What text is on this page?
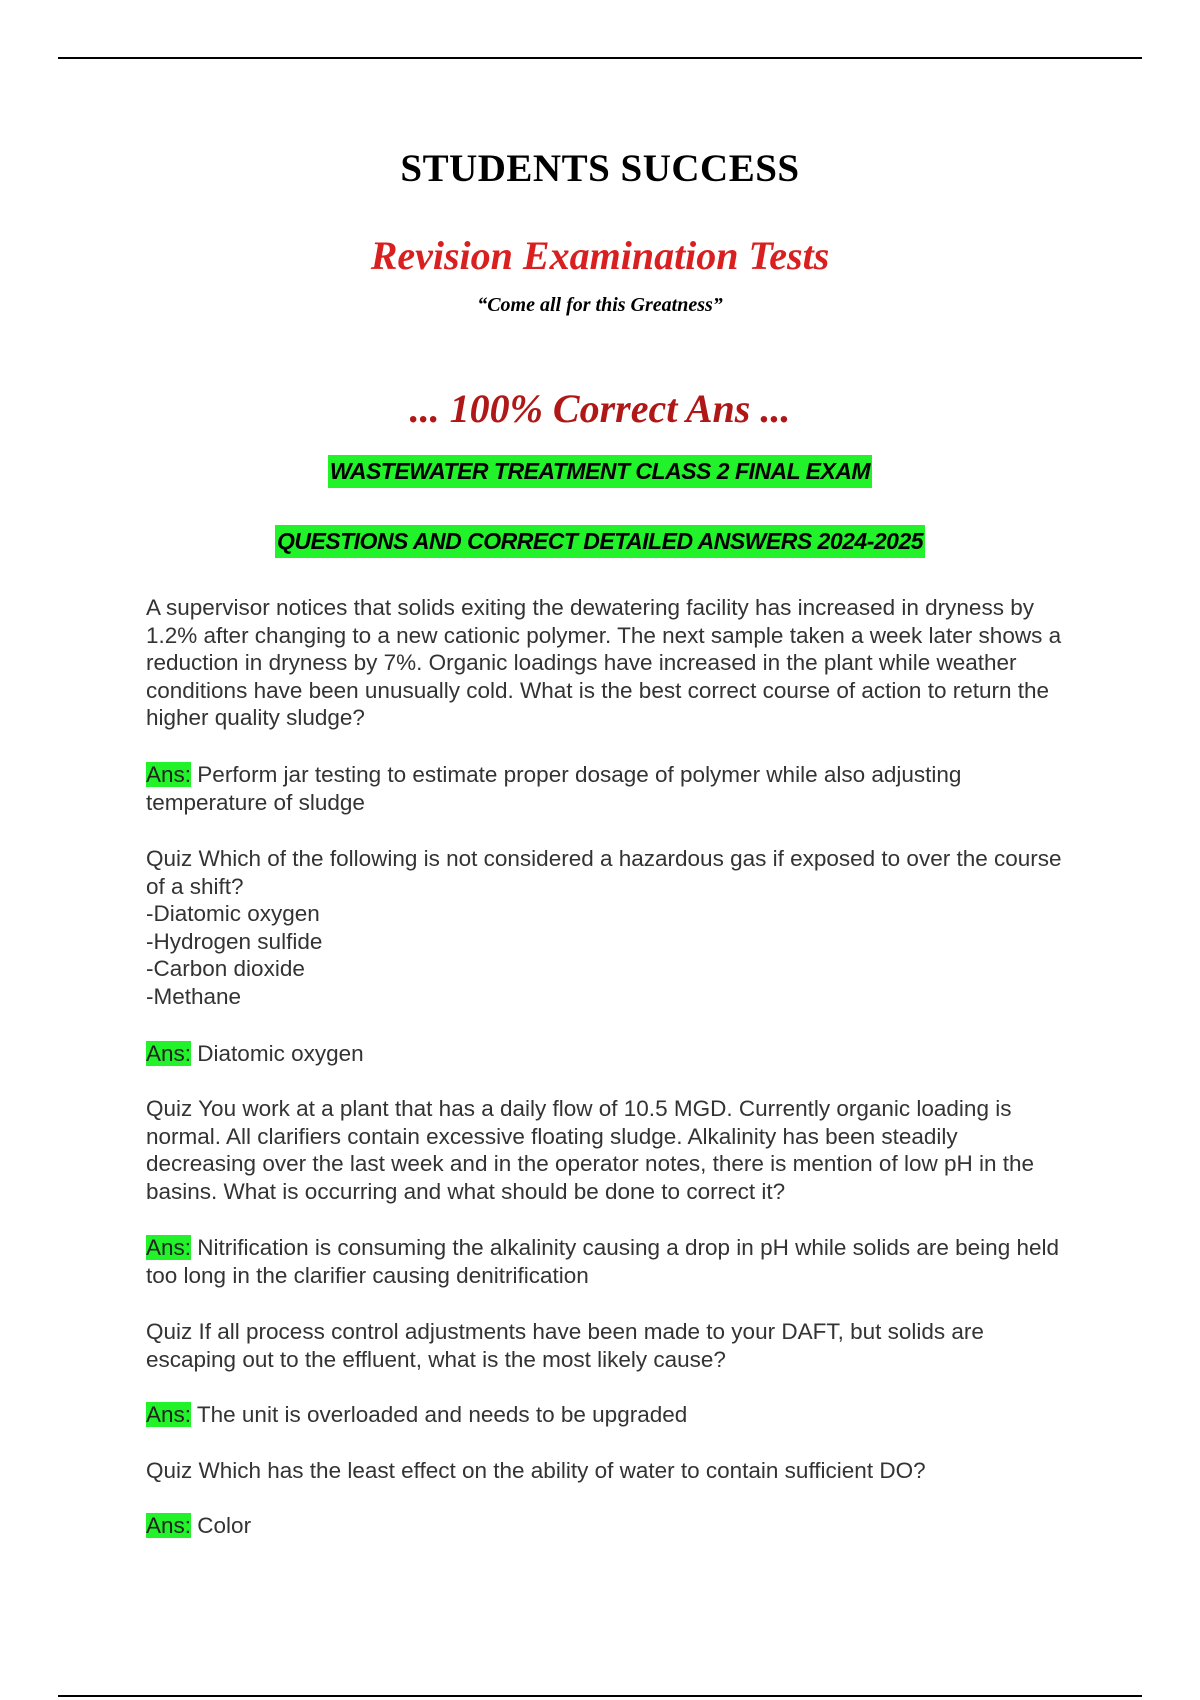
STUDENTS SUCCESS
Revision Examination Tests
“Come all for this Greatness”
... 100% Correct Ans ...
WASTEWATER TREATMENT CLASS 2 FINAL EXAM
QUESTIONS AND CORRECT DETAILED ANSWERS 2024-2025
A supervisor notices that solids exiting the dewatering facility has increased in dryness by 1.2% after changing to a new cationic polymer. The next sample taken a week later shows a reduction in dryness by 7%. Organic loadings have increased in the plant while weather conditions have been unusually cold. What is the best correct course of action to return the higher quality sludge?
Ans: Perform jar testing to estimate proper dosage of polymer while also adjusting temperature of sludge
Quiz Which of the following is not considered a hazardous gas if exposed to over the course of a shift?
-Diatomic oxygen
-Hydrogen sulfide
-Carbon dioxide
-Methane
Ans: Diatomic oxygen
Quiz You work at a plant that has a daily flow of 10.5 MGD. Currently organic loading is normal. All clarifiers contain excessive floating sludge. Alkalinity has been steadily decreasing over the last week and in the operator notes, there is mention of low pH in the basins. What is occurring and what should be done to correct it?
Ans: Nitrification is consuming the alkalinity causing a drop in pH while solids are being held too long in the clarifier causing denitrification
Quiz If all process control adjustments have been made to your DAFT, but solids are escaping out to the effluent, what is the most likely cause?
Ans: The unit is overloaded and needs to be upgraded
Quiz Which has the least effect on the ability of water to contain sufficient DO?
Ans: Color
